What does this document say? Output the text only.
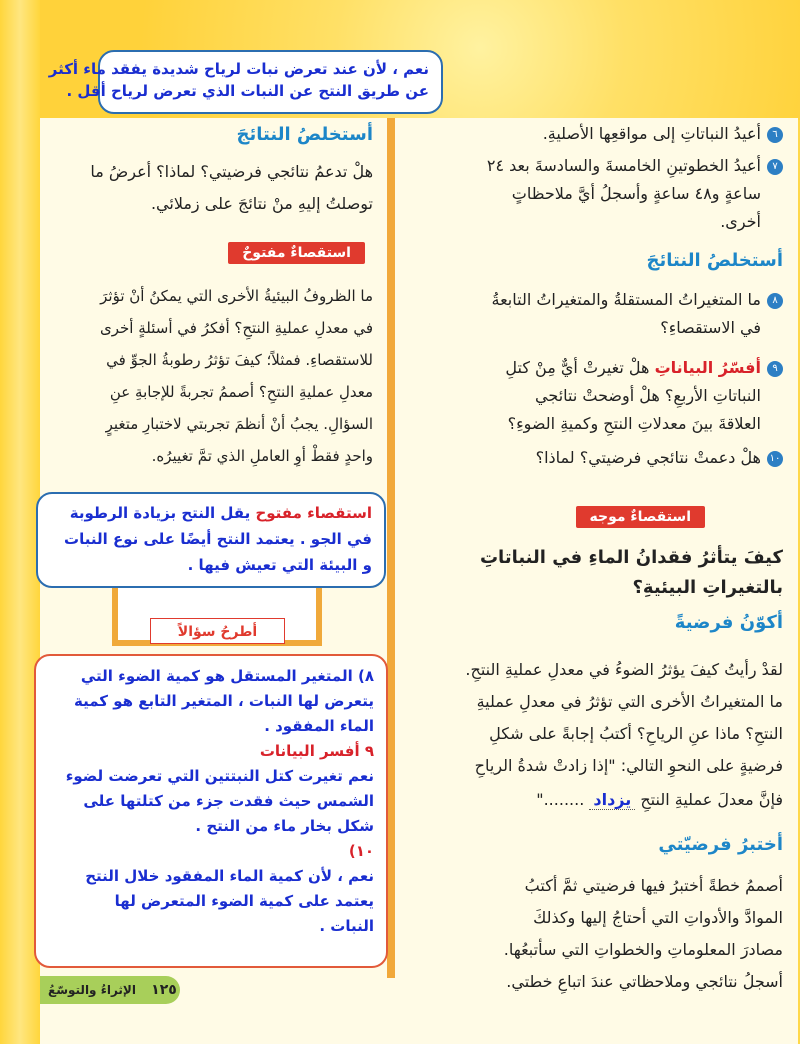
نعم ، لأن عند تعرض نبات لرياح شديدة يفقد ماء أكثر
عن طريق النتح عن النبات الذي تعرض لرياح أقل .
٦أعيدُ النباتاتِ إلى مواقعِها الأصليةِ.
٧أعيدُ الخطوتينِ الخامسةَ والسادسةَ بعد ٢٤
ساعةٍ و٤٨ ساعةٍ وأسجلُ أيَّ ملاحظاتٍ
أخرى.
أستخلصُ النتائجَ
٨ما المتغيراتُ المستقلةُ والمتغيراتُ التابعةُ
في الاستقصاءِ؟
٩أفسّرُ البياناتِ هلْ تغيرتْ أيٌّ مِنْ كتلِ
النباتاتِ الأربعِ؟ هلْ أوضحتْ نتائجي
العلاقةَ بينَ معدلاتِ النتحِ وكميةِ الضوءِ؟
١٠هلْ دعمتْ نتائجي فرضيتي؟ لماذا؟
استقصاءٌ موجه
كيفَ يتأثرُ فقدانُ الماءِ في النباتاتِ
بالتغيراتِ البيئيةِ؟
أكوّنُ فرضيةً
لقدْ رأيتُ كيفَ يؤثرُ الضوءُ في معدلِ عمليةِ النتحِ.
ما المتغيراتُ الأخرى التي تؤثرُ في معدلِ عمليةِ
النتحِ؟ ماذا عنِ الرياحِ؟ أكتبُ إجابةً على شكلِ
فرضيةٍ على النحوِ التالي: "إذا زادتْ شدةُ الرياحِ
فإنَّ معدلَ عمليةِ النتحِ يزداد ........"
أختبرُ فرضيّتي
أصممُ خطةً أختبرُ فيها فرضيتي ثمَّ أكتبُ
الموادَّ والأدواتِ التي أحتاجُ إليها وكذلكَ
مصادرَ المعلوماتِ والخطواتِ التي سأتبعُها.
أسجلُ نتائجي وملاحظاتي عندَ اتباعِ خطتي.
أستخلصُ النتائجَ
هلْ تدعمُ نتائجي فرضيتي؟ لماذا؟ أعرضُ ما
توصلتُ إليهِ منْ نتائجَ على زملائي.
استقصاءٌ مفتوحٌ
ما الظروفُ البيئيةُ الأخرى التي يمكنُ أنْ تؤثرَ
في معدلِ عمليةِ النتحِ؟ أفكرُ في أسئلةٍ أخرى
للاستقصاءِ. فمثلاً؛ كيفَ تؤثرُ رطوبةُ الجوِّ في
معدلِ عمليةِ النتحِ؟ أصممُ تجربةً للإجابةِ عنِ
السؤالِ. يجبُ أنْ أنظمَ تجربتي لاختبارِ متغيرٍ
واحدٍ فقطْ أوِ العاملِ الذي تمَّ تغييرُه.
أطرحُ سؤالاً
استقصاء مفتوح يقل النتح بزيادة الرطوبة
في الجو . يعتمد النتح أيضًا على نوع النبات
و البيئة التي تعيش فيها .
٨) المتغير المستقل هو كمية الضوء التي
يتعرض لها النبات ، المتغير التابع هو كمية
الماء المفقود .
٩ أفسر البيانات
نعم تغيرت كتل النبتتين التي تعرضت لضوء
الشمس حيث فقدت جزء من كتلتها على
شكل بخار ماء من النتح .
١٠)
نعم ، لأن كمية الماء المفقود خلال النتح
يعتمد على كمية الضوء المتعرض لها
النبات .
١٢٥
الإثراءُ والتوسّعُ
